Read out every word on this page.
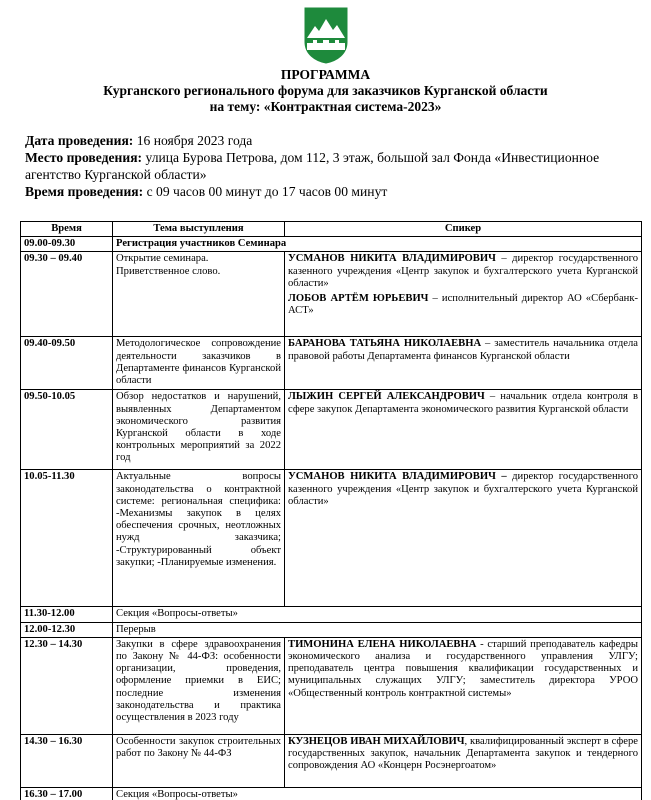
ПРОГРАММА
Курганского регионального форума для заказчиков Курганской области
на тему: «Контрактная система-2023»

Дата проведения: 16 ноября 2023 года

Место проведения: улица Бурова Петрова, дом 112, 3 этаж, большой зал Фонда «Инвестиционное агентство Курганской области»

Время проведения: с 09 часов 00 минут до 17 часов 00 минут

Время	Тема выступления	Спикер
09.00-09.30	Регистрация участников Семинара	
09.30 – 09.40	Открытие семинара. Приветственное слово.	УСМАНОВ НИКИТА ВЛАДИМИРОВИЧ – директор государственного казенного учреждения «Центр закупок и бухгалтерского учета Курганской области»

ЛОБОВ АРТЁМ ЮРЬЕВИЧ – исполнительный директор АО «Сбербанк-АСТ»

09.40-09.50	Методологическое сопровождение деятельности заказчиков в Департаменте финансов Курганской области	БАРАНОВА ТАТЬЯНА НИКОЛАЕВНА – заместитель начальника отдела правовой работы Департамента финансов Курганской области

09.50-10.05	Обзор недостатков и нарушений, выявленных Департаментом экономического развития Курганской области в ходе контрольных мероприятий за 2022 год	ЛЫЖИН СЕРГЕЙ АЛЕКСАНДРОВИЧ – начальник отдела контроля в сфере закупок Департамента экономического развития Курганской области

10.05-11.30	Актуальные вопросы законодательства о контрактной системе: региональная специфика: -Механизмы закупок в целях обеспечения срочных, неотложных нужд заказчика; -Структурированный объект закупки; -Планируемые изменения.	УСМАНОВ НИКИТА ВЛАДИМИРОВИЧ – директор государственного казенного учреждения «Центр закупок и бухгалтерского учета Курганской области»

11.30-12.00	Секция «Вопросы-ответы»	
12.00-12.30	Перерыв	
12.30 – 14.30	Закупки в сфере здравоохранения по Закону № 44-ФЗ: особенности организации, проведения, оформление приемки в ЕИС; последние изменения законодательства и практика осуществления в 2023 году	ТИМОНИНА ЕЛЕНА НИКОЛАЕВНА - старший преподаватель кафедры экономического анализа и государственного управления УЛГУ; преподаватель центра повышения квалификации государственных и муниципальных служащих УЛГУ; заместитель директора УРОО «Общественный контроль контрактной системы»

14.30 – 16.30	Особенности закупок строительных работ по Закону № 44-ФЗ	КУЗНЕЦОВ ИВАН МИХАЙЛОВИЧ, квалифицированный эксперт в сфере государственных закупок, начальник Департамента закупок и тендерного сопровождения АО «Концерн Росэнергоатом»

16.30 – 17.00	Секция «Вопросы-ответы»	
